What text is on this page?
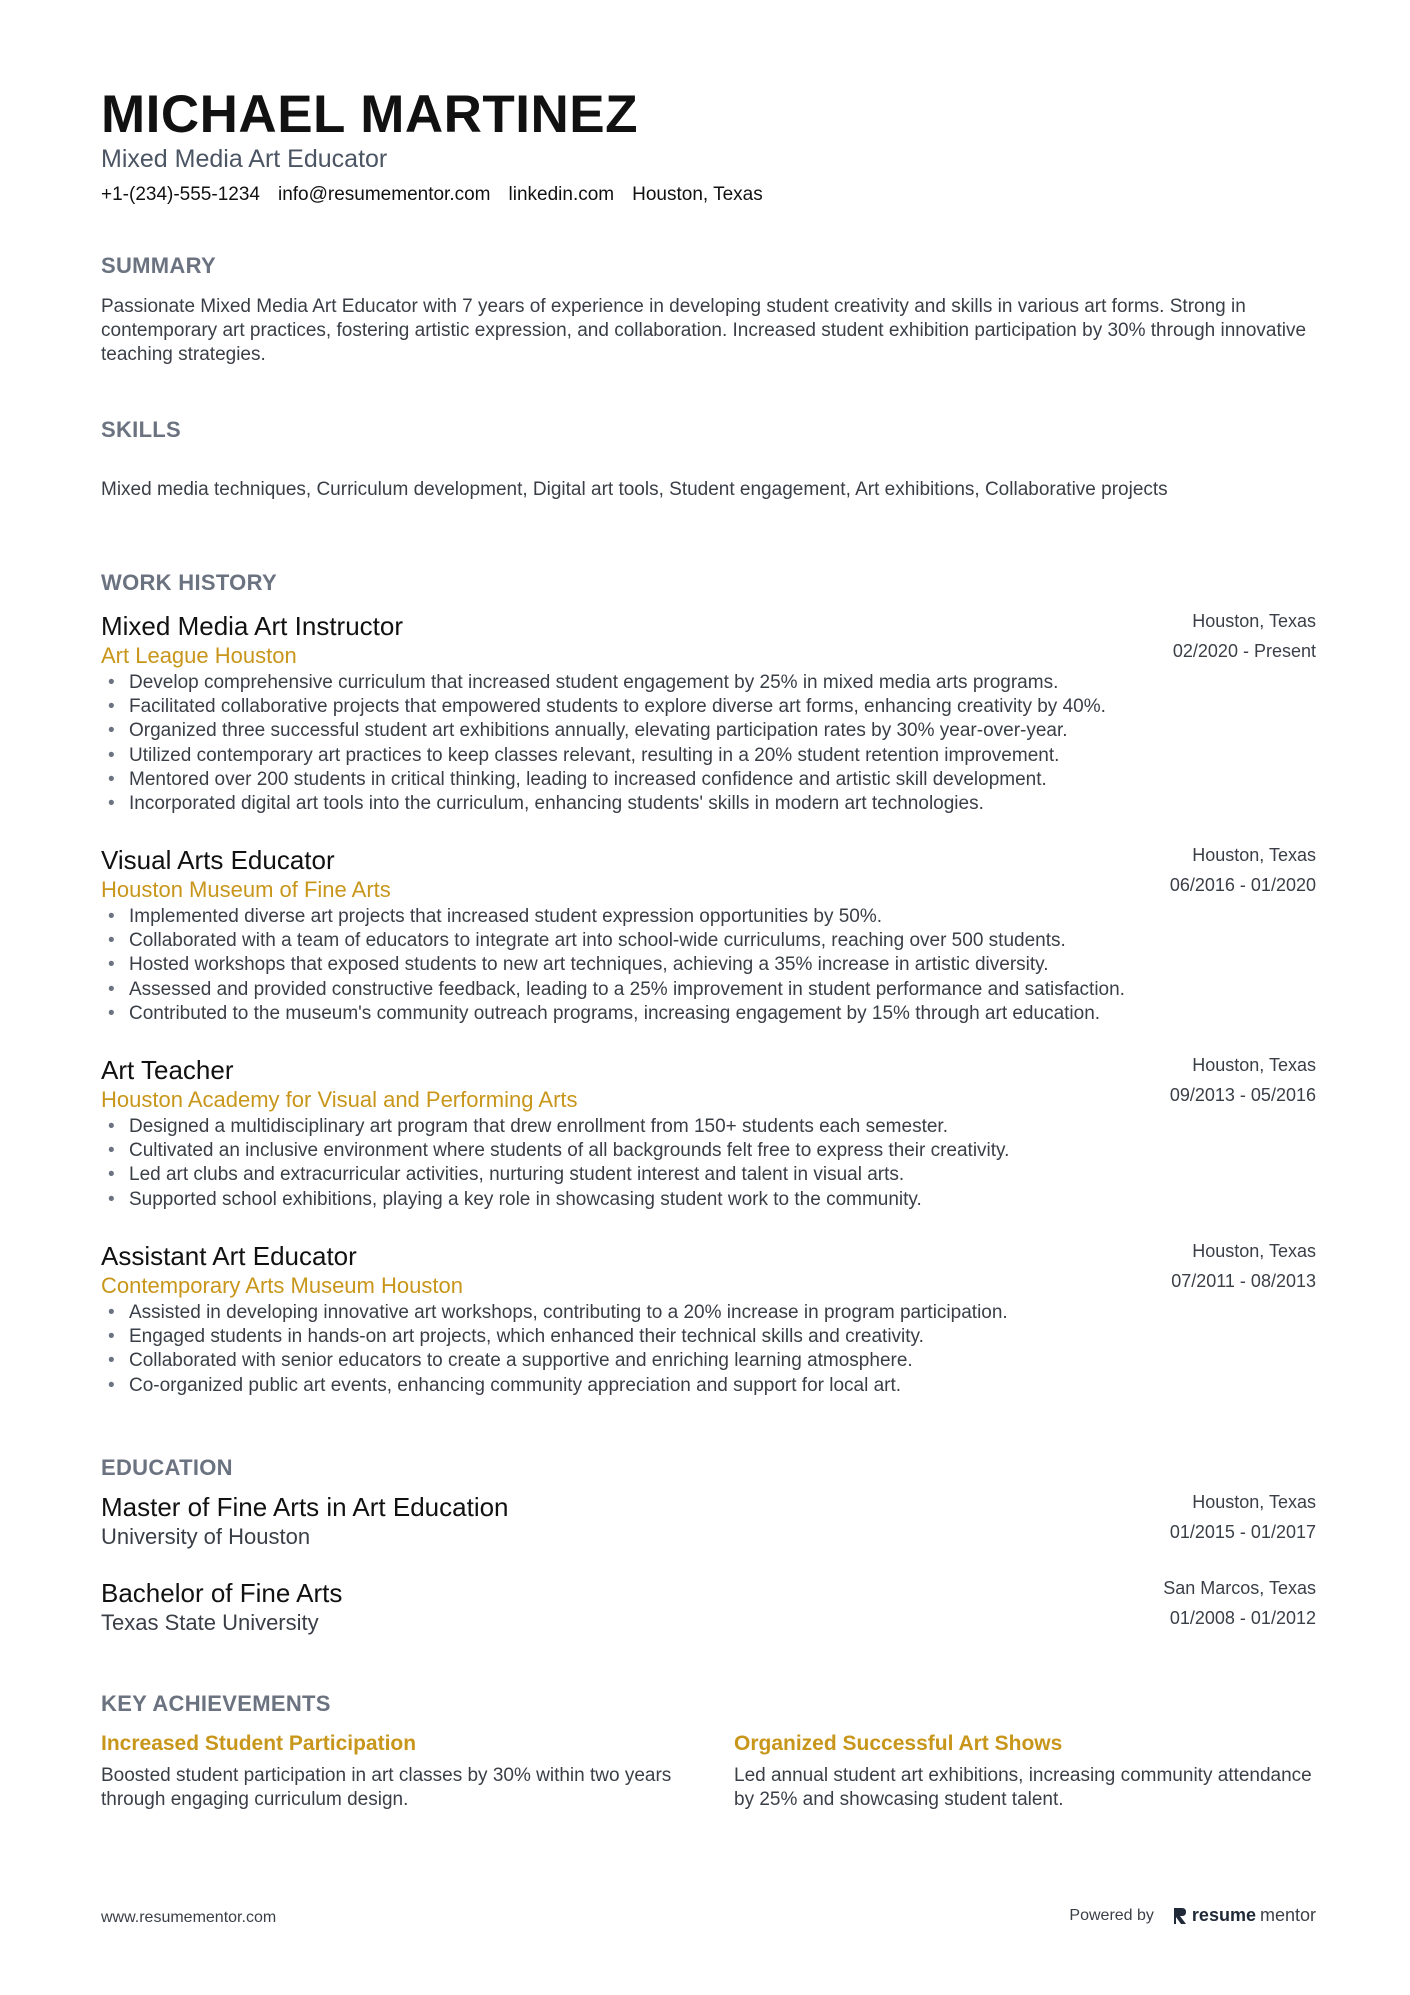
MICHAEL MARTINEZ
Mixed Media Art Educator
+1-(234)-555-1234 info@resumementor.com linkedin.com Houston, Texas
SUMMARY
Passionate Mixed Media Art Educator with 7 years of experience in developing student creativity and skills in various art forms. Strong in contemporary art practices, fostering artistic expression, and collaboration. Increased student exhibition participation by 30% through innovative teaching strategies.
SKILLS
Mixed media techniques, Curriculum development, Digital art tools, Student engagement, Art exhibitions, Collaborative projects
WORK HISTORY
Mixed Media Art Instructor
Art League Houston
Houston, Texas
02/2020 - Present
• Develop comprehensive curriculum that increased student engagement by 25% in mixed media arts programs.
• Facilitated collaborative projects that empowered students to explore diverse art forms, enhancing creativity by 40%.
• Organized three successful student art exhibitions annually, elevating participation rates by 30% year-over-year.
• Utilized contemporary art practices to keep classes relevant, resulting in a 20% student retention improvement.
• Mentored over 200 students in critical thinking, leading to increased confidence and artistic skill development.
• Incorporated digital art tools into the curriculum, enhancing students' skills in modern art technologies.
Visual Arts Educator
Houston Museum of Fine Arts
Houston, Texas
06/2016 - 01/2020
• Implemented diverse art projects that increased student expression opportunities by 50%.
• Collaborated with a team of educators to integrate art into school-wide curriculums, reaching over 500 students.
• Hosted workshops that exposed students to new art techniques, achieving a 35% increase in artistic diversity.
• Assessed and provided constructive feedback, leading to a 25% improvement in student performance and satisfaction.
• Contributed to the museum's community outreach programs, increasing engagement by 15% through art education.
Art Teacher
Houston Academy for Visual and Performing Arts
Houston, Texas
09/2013 - 05/2016
• Designed a multidisciplinary art program that drew enrollment from 150+ students each semester.
• Cultivated an inclusive environment where students of all backgrounds felt free to express their creativity.
• Led art clubs and extracurricular activities, nurturing student interest and talent in visual arts.
• Supported school exhibitions, playing a key role in showcasing student work to the community.
Assistant Art Educator
Contemporary Arts Museum Houston
Houston, Texas
07/2011 - 08/2013
• Assisted in developing innovative art workshops, contributing to a 20% increase in program participation.
• Engaged students in hands-on art projects, which enhanced their technical skills and creativity.
• Collaborated with senior educators to create a supportive and enriching learning atmosphere.
• Co-organized public art events, enhancing community appreciation and support for local art.
EDUCATION
Master of Fine Arts in Art Education
University of Houston
Houston, Texas
01/2015 - 01/2017
Bachelor of Fine Arts
Texas State University
San Marcos, Texas
01/2008 - 01/2012
KEY ACHIEVEMENTS
Increased Student Participation
Boosted student participation in art classes by 30% within two years through engaging curriculum design.
Organized Successful Art Shows
Led annual student art exhibitions, increasing community attendance by 25% and showcasing student talent.
www.resumementor.com	Powered by resume mentor
